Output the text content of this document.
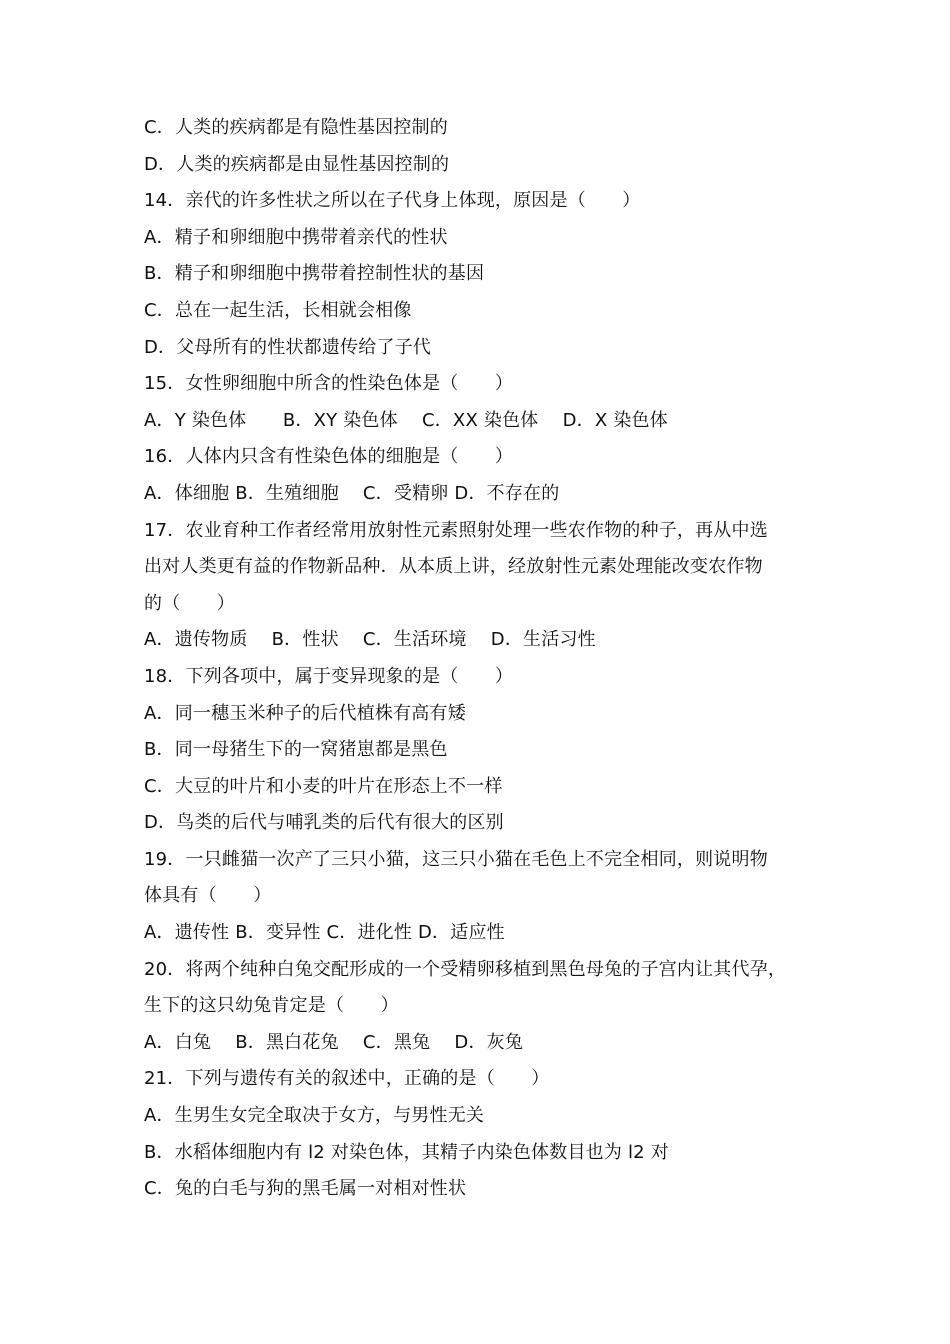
C．人类的疾病都是有隐性基因控制的
D．人类的疾病都是由显性基因控制的
14．亲代的许多性状之所以在子代身上体现，原因是（　　）
A．精子和卵细胞中携带着亲代的性状
B．精子和卵细胞中携带着控制性状的基因
C．总在一起生活，长相就会相像
D．父母所有的性状都遗传给了子代
15．女性卵细胞中所含的性染色体是（　　）
A．Y 染色体　　B．XY 染色体　 C．XX 染色体　 D．X 染色体
16．人体内只含有性染色体的细胞是（　　）
A．体细胞 B．生殖细胞　 C．受精卵 D．不存在的
17．农业育种工作者经常用放射性元素照射处理一些农作物的种子，再从中选
出对人类更有益的作物新品种．从本质上讲，经放射性元素处理能改变农作物
的（　　）
A．遗传物质　 B．性状　 C．生活环境　 D．生活习性
18．下列各项中，属于变异现象的是（　　）
A．同一穗玉米种子的后代植株有高有矮
B．同一母猪生下的一窝猪崽都是黑色
C．大豆的叶片和小麦的叶片在形态上不一样
D．鸟类的后代与哺乳类的后代有很大的区别
19．一只雌猫一次产了三只小猫，这三只小猫在毛色上不完全相同，则说明物
体具有（　　）
A．遗传性 B．变异性 C．进化性 D．适应性
20．将两个纯种白兔交配形成的一个受精卵移植到黑色母兔的子宫内让其代孕，
生下的这只幼兔肯定是（　　）
A．白兔　 B．黑白花兔　 C．黑兔　 D．灰兔
21．下列与遗传有关的叙述中，正确的是（　　）
A．生男生女完全取决于女方，与男性无关
B．水稻体细胞内有 l2 对染色体，其精子内染色体数目也为 l2 对
C．兔的白毛与狗的黑毛属一对相对性状
